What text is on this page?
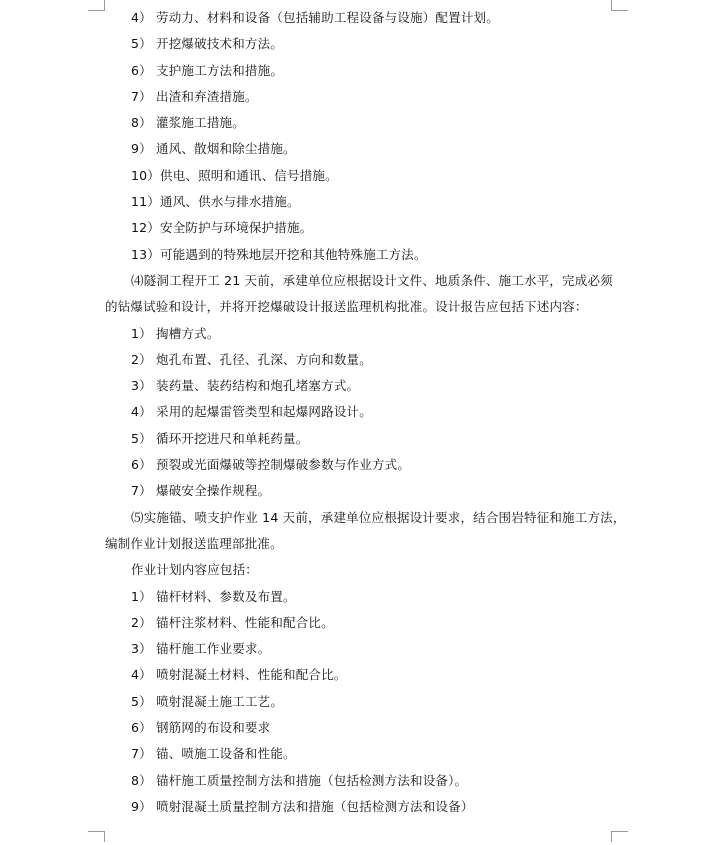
4） 劳动力、材料和设备（包括辅助工程设备与设施）配置计划。
5） 开挖爆破技术和方法。
6） 支护施工方法和措施。
7） 出渣和弃渣措施。
8） 灌浆施工措施。
9） 通风、散烟和除尘措施。
10）供电、照明和通讯、信号措施。
11）通风、供水与排水措施。
12）安全防护与环境保护措施。
13）可能遇到的特殊地层开挖和其他特殊施工方法。
⑷隧洞工程开工 21 天前，承建单位应根据设计文件、地质条件、施工水平，完成必须
的钻爆试验和设计，并将开挖爆破设计报送监理机构批准。设计报告应包括下述内容：
1） 掏槽方式。
2） 炮孔布置、孔径、孔深、方向和数量。
3） 装药量、装药结构和炮孔堵塞方式。
4） 采用的起爆雷管类型和起爆网路设计。
5） 循环开挖进尺和单耗药量。
6） 预裂或光面爆破等控制爆破参数与作业方式。
7） 爆破安全操作规程。
⑸实施锚、喷支护作业 14 天前，承建单位应根据设计要求，结合围岩特征和施工方法，
编制作业计划报送监理部批准。
作业计划内容应包括：
1） 锚杆材料、参数及布置。
2） 锚杆注浆材料、性能和配合比。
3） 锚杆施工作业要求。
4） 喷射混凝土材料、性能和配合比。
5） 喷射混凝土施工工艺。
6） 钢筋网的布设和要求
7） 锚、喷施工设备和性能。
8） 锚杆施工质量控制方法和措施（包括检测方法和设备）。
9） 喷射混凝土质量控制方法和措施（包括检测方法和设备）
